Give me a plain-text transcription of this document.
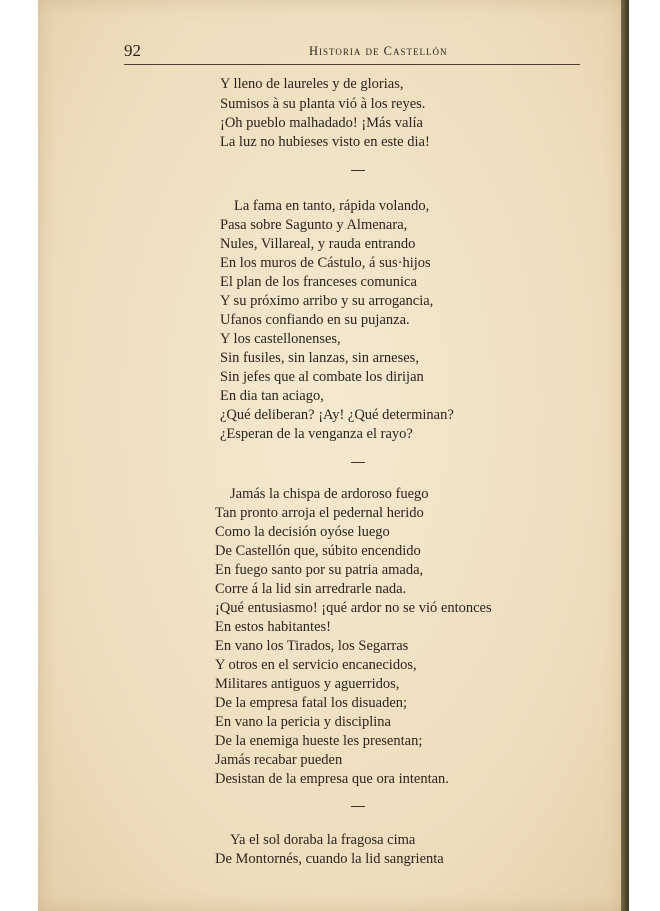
92	Historia de Castellón
Y lleno de laureles y de glorias,
Sumisos à su planta vió à los reyes.
¡Oh pueblo malhadado! ¡Más valía
La luz no hubieses visto en este dia!
La fama en tanto, rápida volando,
Pasa sobre Sagunto y Almenara,
Nules, Villareal, y rauda entrando
En los muros de Cástulo, á sus·hijos
El plan de los franceses comunica
Y su próximo arribo y su arrogancia,
Ufanos confiando en su pujanza.
Y los castellonenses,
Sin fusiles, sin lanzas, sin arneses,
Sin jefes que al combate los dirijan
En dia tan aciago,
¿Qué deliberan? ¡Ay! ¿Qué determinan?
¿Esperan de la venganza el rayo?
Jamás la chispa de ardoroso fuego
Tan pronto arroja el pedernal herido
Como la decisión oyóse luego
De Castellón que, súbito encendido
En fuego santo por su patria amada,
Corre á la lid sin arredrarle nada.
¡Qué entusiasmo! ¡qué ardor no se vió entonces
En estos habitantes!
En vano los Tirados, los Segarras
Y otros en el servicio encanecidos,
Militares antiguos y aguerridos,
De la empresa fatal los disuaden;
En vano la pericia y disciplina
De la enemiga hueste les presentan;
Jamás recabar pueden
Desistan de la empresa que ora intentan.
Ya el sol doraba la fragosa cima
De Montornés, cuando la lid sangrienta
